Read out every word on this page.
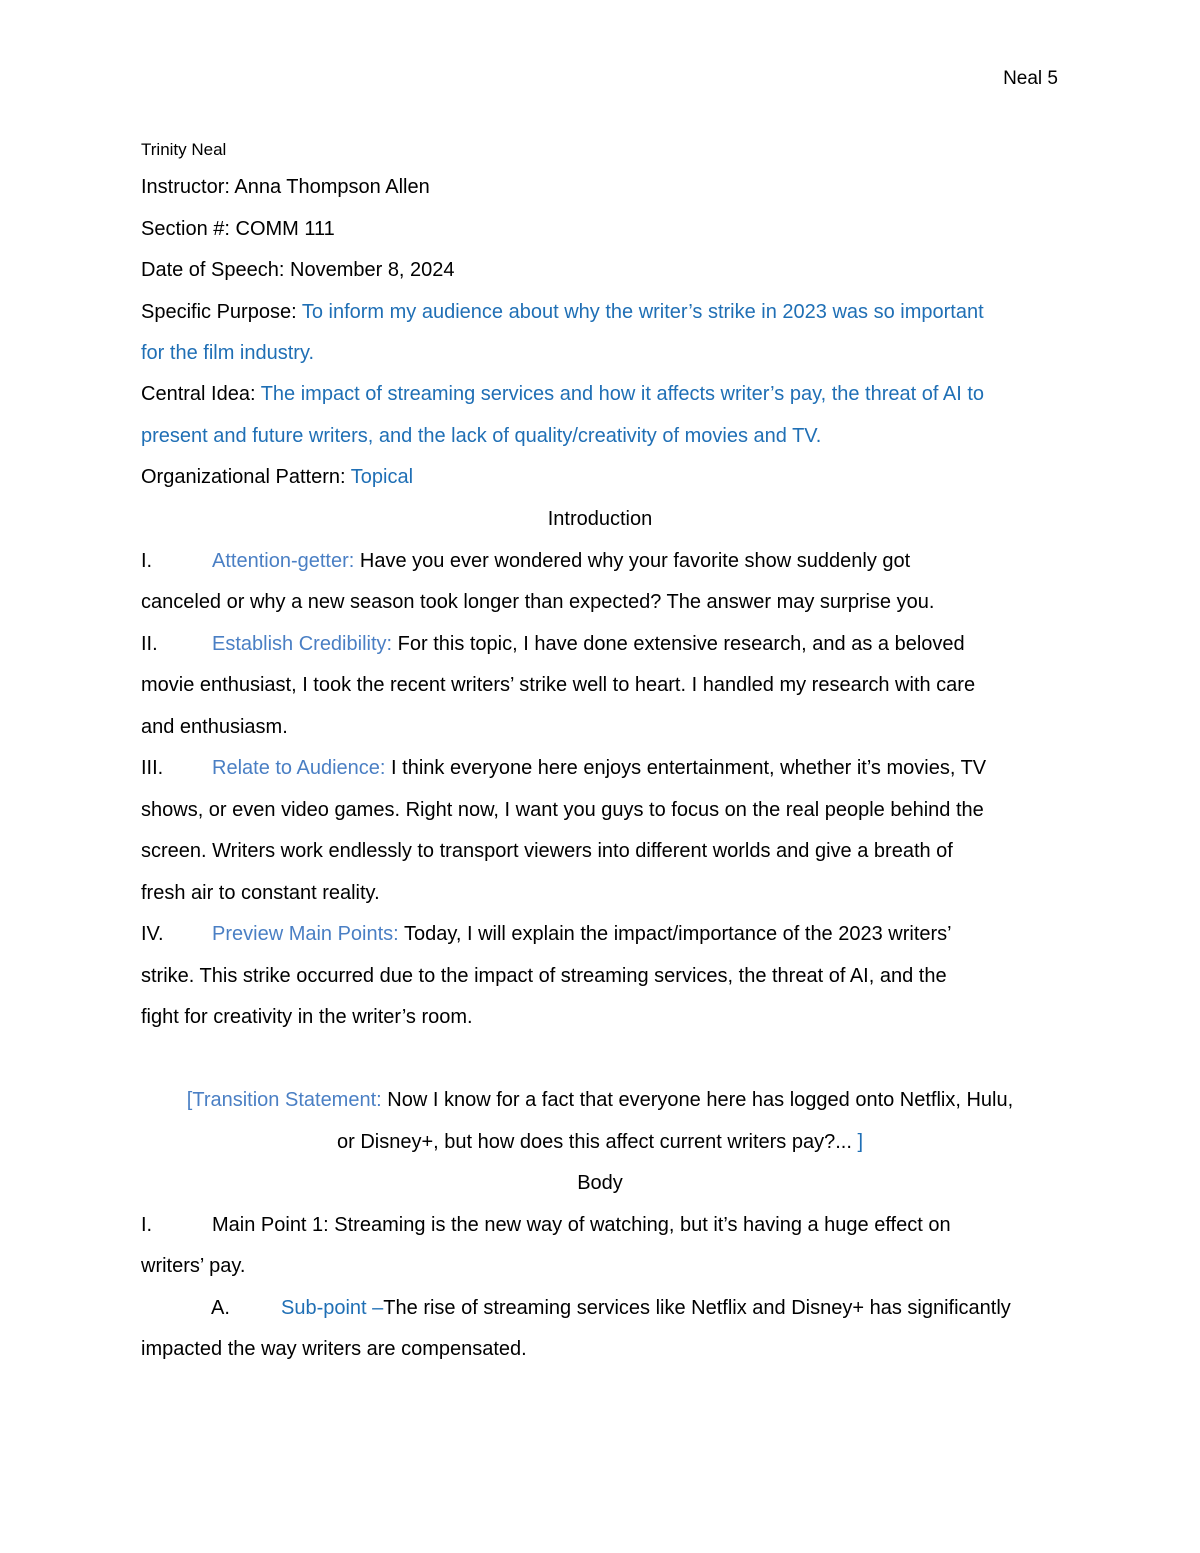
Neal 5
Trinity Neal
Instructor: Anna Thompson Allen
Section #: COMM 111
Date of Speech: November 8, 2024
Specific Purpose: To inform my audience about why the writer’s strike in 2023 was so important
for the film industry.
Central Idea: The impact of streaming services and how it affects writer’s pay, the threat of AI to
present and future writers, and the lack of quality/creativity of movies and TV.
Organizational Pattern: Topical
Introduction
I.	Attention-getter: Have you ever wondered why your favorite show suddenly got
canceled or why a new season took longer than expected? The answer may surprise you.
II.	Establish Credibility: For this topic, I have done extensive research, and as a beloved
movie enthusiast, I took the recent writers’ strike well to heart. I handled my research with care
and enthusiasm.
III. Relate to Audience: I think everyone here enjoys entertainment, whether it’s movies, TV
shows, or even video games. Right now, I want you guys to focus on the real people behind the
screen. Writers work endlessly to transport viewers into different worlds and give a breath of
fresh air to constant reality.
IV. Preview Main Points: Today, I will explain the impact/importance of the 2023 writers’
strike. This strike occurred due to the impact of streaming services, the threat of AI, and the
fight for creativity in the writer’s room.
[Transition Statement: Now I know for a fact that everyone here has logged onto Netflix, Hulu,
or Disney+, but how does this affect current writers pay?... ]
Body
I.	Main Point 1: Streaming is the new way of watching, but it’s having a huge effect on
writers’ pay.
A.	Sub-point –The rise of streaming services like Netflix and Disney+ has significantly
impacted the way writers are compensated.
